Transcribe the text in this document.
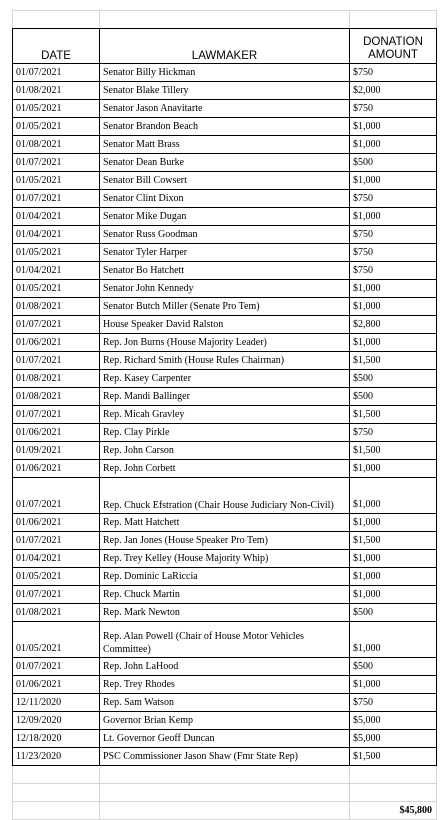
DATE	LAWMAKER	DONATION
AMOUNT
01/07/2021	Senator Billy Hickman	$750
01/08/2021	Senator Blake Tillery	$2,000
01/05/2021	Senator Jason Anavitarte	$750
01/05/2021	Senator Brandon Beach	$1,000
01/08/2021	Senator Matt Brass	$1,000
01/07/2021	Senator Dean Burke	$500
01/05/2021	Senator Bill Cowsert	$1,000
01/07/2021	Senator Clint Dixon	$750
01/04/2021	Senator Mike Dugan	$1,000
01/04/2021	Senator Russ Goodman	$750
01/05/2021	Senator Tyler Harper	$750
01/04/2021	Senator Bo Hatchett	$750
01/05/2021	Senator John Kennedy	$1,000
01/08/2021	Senator Butch Miller (Senate Pro Tem)	$1,000
01/07/2021	House Speaker David Ralston	$2,800
01/06/2021	Rep. Jon Burns (House Majority Leader)	$1,000
01/07/2021	Rep. Richard Smith (House Rules Chairman)	$1,500
01/08/2021	Rep. Kasey Carpenter	$500
01/08/2021	Rep. Mandi Ballinger	$500
01/07/2021	Rep. Micah Gravley	$1,500
01/06/2021	Rep. Clay Pirkle	$750
01/09/2021	Rep. John Carson	$1,500
01/06/2021	Rep. John Corbett	$1,000
01/07/2021	Rep. Chuck Efstration (Chair House Judiciary Non-Civil)	$1,000
01/06/2021	Rep. Matt Hatchett	$1,000
01/07/2021	Rep. Jan Jones (House Speaker Pro Tem)	$1,500
01/04/2021	Rep. Trey Kelley (House Majority Whip)	$1,000
01/05/2021	Rep. Dominic LaRiccia	$1,000
01/07/2021	Rep. Chuck Martin	$1,000
01/08/2021	Rep. Mark Newton	$500
01/05/2021	Rep. Alan Powell (Chair of House Motor Vehicles Committee)	$1,000
01/07/2021	Rep. John LaHood	$500
01/06/2021	Rep. Trey Rhodes	$1,000
12/11/2020	Rep. Sam Watson	$750
12/09/2020	Governor Brian Kemp	$5,000
12/18/2020	Lt. Governor Geoff Duncan	$5,000
11/23/2020	PSC Commissioner Jason Shaw (Fmr State Rep)	$1,500

		$45,800
